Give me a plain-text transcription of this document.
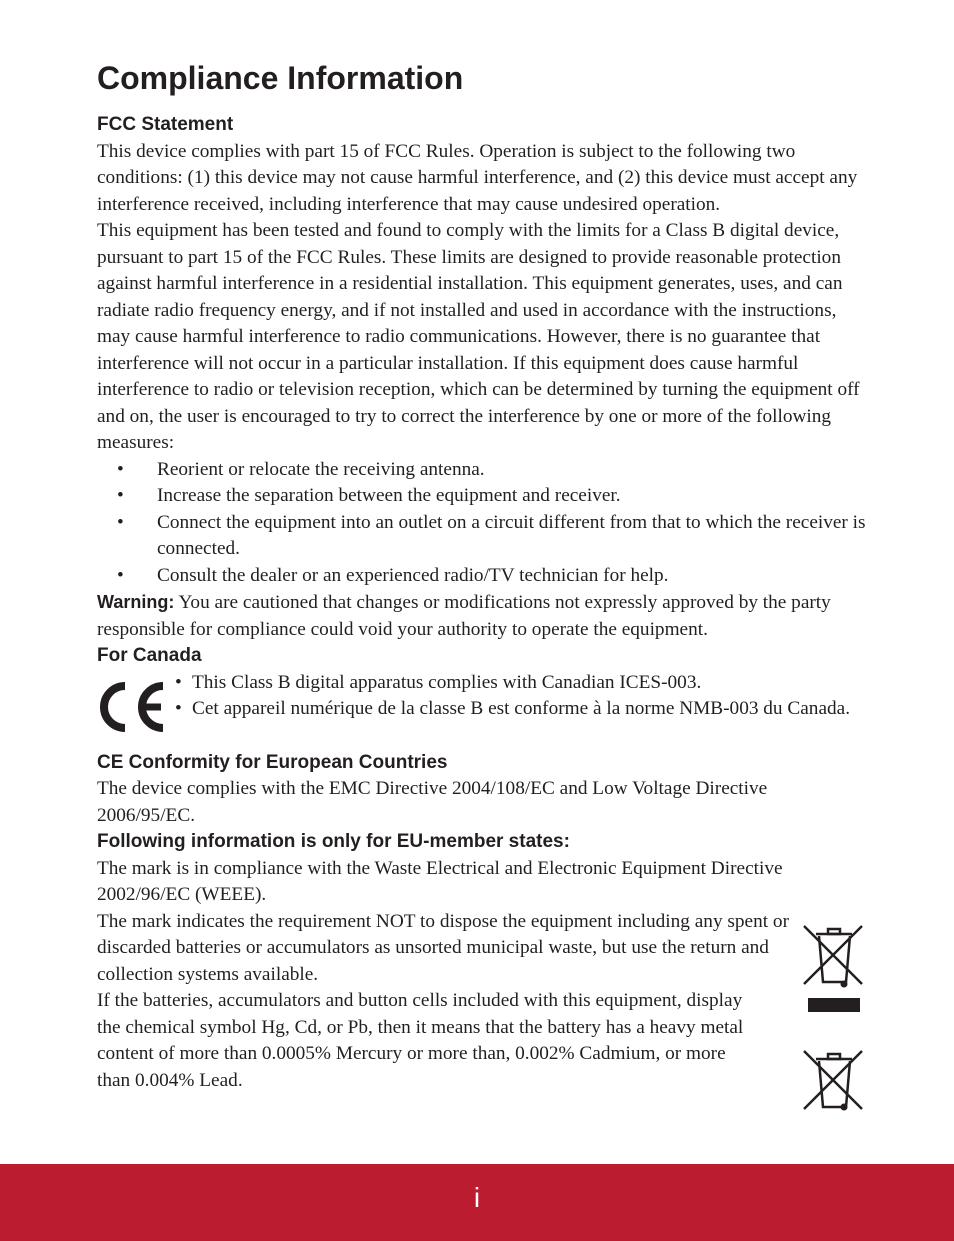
Compliance Information
FCC Statement

This device complies with part 15 of FCC Rules. Operation is subject to the following two conditions: (1) this device may not cause harmful interference, and (2) this device must accept any interference received, including interference that may cause undesired operation.

This equipment has been tested and found to comply with the limits for a Class B digital device, pursuant to part 15 of the FCC Rules. These limits are designed to provide reasonable protection against harmful interference in a residential installation. This equipment generates, uses, and can radiate radio frequency energy, and if not installed and used in accordance with the instructions, may cause harmful interference to radio communications. However, there is no guarantee that interference will not occur in a particular installation. If this equipment does cause harmful interference to radio or television reception, which can be determined by turning the equipment off and on, the user is encouraged to try to correct the interference by one or more of the following measures:

• Reorient or relocate the receiving antenna.
• Increase the separation between the equipment and receiver.
• Connect the equipment into an outlet on a circuit different from that to which the receiver is connected.
• Consult the dealer or an experienced radio/TV technician for help.

Warning: You are cautioned that changes or modifications not expressly approved by the party responsible for compliance could void your authority to operate the equipment.

For Canada
• This Class B digital apparatus complies with Canadian ICES-003.
• Cet appareil numérique de la classe B est conforme à la norme NMB-003 du Canada.
CE Conformity for European Countries

The device complies with the EMC Directive 2004/108/EC and Low Voltage Directive 2006/95/EC.

Following information is only for EU-member states:

The mark is in compliance with the Waste Electrical and Electronic Equipment Directive 2002/96/EC (WEEE).

The mark indicates the requirement NOT to dispose the equipment including any spent or discarded batteries or accumulators as unsorted municipal waste, but use the return and collection systems available.

If the batteries, accumulators and button cells included with this equipment, display the chemical symbol Hg, Cd, or Pb, then it means that the battery has a heavy metal content of more than 0.0005% Mercury or more than, 0.002% Cadmium, or more than 0.004% Lead.

i
